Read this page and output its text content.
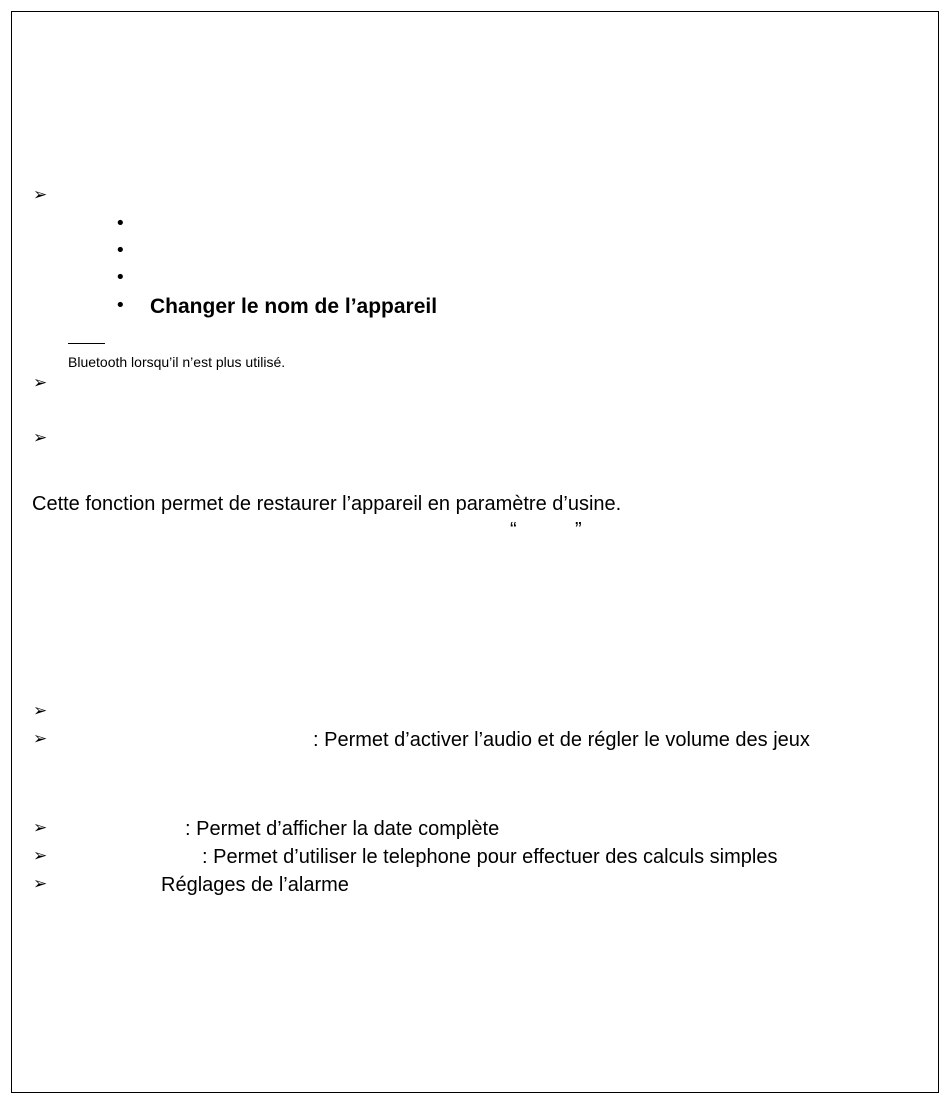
➢
•
•
•
• Changer le nom de l’appareil
Bluetooth lorsqu’il n’est plus utilisé.
➢
➢
Cette fonction permet de restaurer l’appareil en paramètre d’usine.
“	”
➢
➢	: Permet d’activer l’audio et de régler le volume des jeux
➢	: Permet d’afficher la date complète
➢	: Permet d’utiliser le telephone pour effectuer des calculs simples
➢	Réglages de l’alarme
